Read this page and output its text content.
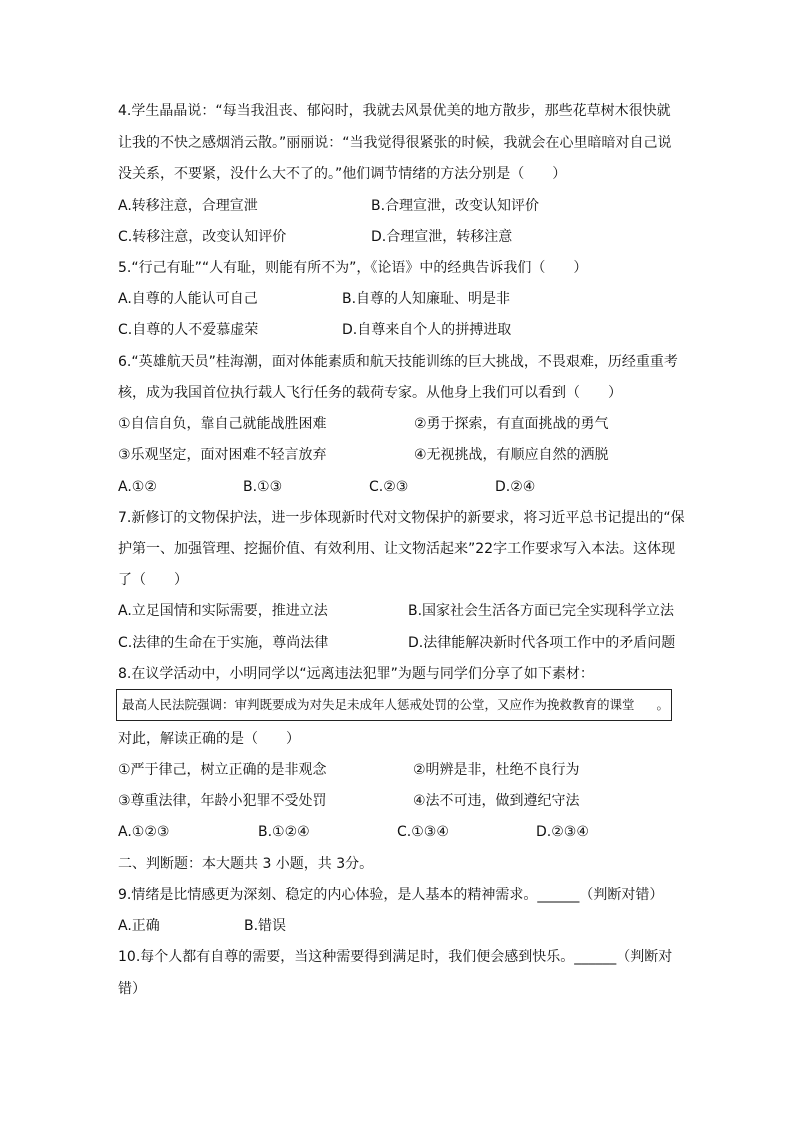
4.学生晶晶说：“每当我沮丧、郁闷时，我就去风景优美的地方散步，那些花草树木很快就
让我的不快之感烟消云散。”丽丽说：“当我觉得很紧张的时候，我就会在心里暗暗对自己说
没关系，不要紧，没什么大不了的。”他们调节情绪的方法分别是（　　）
A.转移注意，合理宣泄	B.合理宣泄，改变认知评价
C.转移注意，改变认知评价	D.合理宣泄，转移注意
5.“行己有耻”“人有耻，则能有所不为”，《论语》中的经典告诉我们（　　）
A.自尊的人能认可自己	B.自尊的人知廉耻、明是非
C.自尊的人不爱慕虚荣	D.自尊来自个人的拼搏进取
6.“英雄航天员”桂海潮，面对体能素质和航天技能训练的巨大挑战，不畏艰难，历经重重考
核，成为我国首位执行载人飞行任务的载荷专家。从他身上我们可以看到（　　）
①自信自负，靠自己就能战胜困难	②勇于探索，有直面挑战的勇气
③乐观坚定，面对困难不轻言放弃	④无视挑战，有顺应自然的洒脱
A.①②	B.①③	C.②③	D.②④
7.新修订的文物保护法，进一步体现新时代对文物保护的新要求，将习近平总书记提出的“保
护第一、加强管理、挖掘价值、有效利用、让文物活起来”22字工作要求写入本法。这体现
了（　　）
A.立足国情和实际需要，推进立法	B.国家社会生活各方面已完全实现科学立法
C.法律的生命在于实施，尊尚法律	D.法律能解决新时代各项工作中的矛盾问题
8.在议学活动中，小明同学以“远离违法犯罪”为题与同学们分享了如下素材：
最高人民法院强调：审判既要成为对失足未成年人惩戒处罚的公堂，又应作为挽救教育的课堂 。
对此，解读正确的是（　　）
①严于律己，树立正确的是非观念	②明辨是非，杜绝不良行为
③尊重法律，年龄小犯罪不受处罚	④法不可违，做到遵纪守法
A.①②③	B.①②④	C.①③④	D.②③④
二、判断题：本大题共 3 小题，共 3分。
9.情绪是比情感更为深刻、稳定的内心体验，是人基本的精神需求。______（判断对错）
A.正确	B.错误
10.每个人都有自尊的需要，当这种需要得到满足时，我们便会感到快乐。______（判断对
错）
